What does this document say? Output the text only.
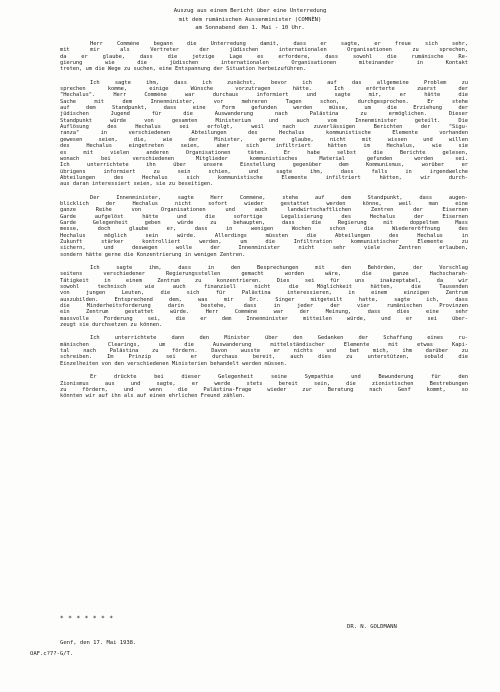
Auszug aus einem Bericht über eine Unterredung
mit dem rumänischen Aussenminister (COMNÈN)
am Sonnabend den 1. Mai - 10 Uhr.
Herr Commène begann die Unterredung damit, dass er sagte, er freue sich sehr,
mit mir als Vertreter der jüdischen internationalen Organisationen zu sprechen,
da er glaube, dass die jetzige Lage es erfordere, dass sowohl die rumänische Re-
gierung wie die jüdischen internationalen Organisationen miteinander in Kontakt
treten, um die Wege zu suchen, eine Entspannung der Situation herbeizuführen.
Ich sagte ihm, dass ich zunächst, bevor ich auf das allgemeine Problem zu
sprechen komme, einige Wünsche vorzutragen hätte. Ich erörterte zuerst der
"Hechalus". Herr Commène war durchaus informiert und sagte mir, er hätte die
Sache mit dem Innenminister, vor mehreren Tagen schon, durchgesprochen. Er stehe
auf dem Standpunkt, dass eine Form gefunden werden müsse, um die Erziehung der
jüdischen Jugend für die Auswanderung nach Palästina zu ermöglichen. Dieser
Standpunkt würde von gesamten Ministerium und auch vom Innenminister geteilt. Die
Auflösung des Hechalus sei erfolgt, weil nach zuverlässigen Berichten der "Sigu-
ranza" in verschiedenen Abteilungen des Hechalus kommunistische Elemente vorhanden
gewesen seien, die, wie der Minister, gerne glaube, nicht mit wissen und willen
des Hechalus eingetreten seien, aber sich infiltriert hätten im Hechalus, wie sie
es mit vielen anderen Organisationen täten. Er habe selbst die Berichte gelesen,
wonach bei verschiedenen Mitglieder kommunistisches Material gefunden worden sei.
Ich unterrichtete ihn über unsere Einstellung gegenüber dem Kommunismus, worüber er
übrigens informiert zu sein schien, und sagte ihm, dass falls in irgendwelche
Abteilungen des Hechalus sich kommunistische Elemente infiltriert hätten, wir durch-
aus daran interessiert seien, sie zu beseitigen.
Der Innenminister, sagte Herr Commène, stehe auf dem Standpunkt, dass augen-
blicklich der Hechalus nicht sofort wieder gestattet werden könne, weil man eine
ganze Reihe von Organisationen und auch landwirtschaftlichen Zentren der Eisernen
Garde aufgelöst hätte und die sofortige Legalisierung des Hechalus der Eisernen
Garde Gelegenheit geben würde zu behaupten, dass die Regierung mit doppeltem Mass
messe, doch glaube er, dass in wenigen Wochen schon die Wiedereröffnung des
Hechalus möglich sein würde. Allerdings müssten die Abteilungen des Hechalus in
Zukunft stärker kontrolliert werden, um die Infiltration kommunistischer Elemente zu
sichern, und deswegen wolle der Innenminister nicht sehr viele Zentren erlauben,
sondern hätte gerne die Konzentrierung in wenigen Zentren.
Ich sagte ihm, dass in den Besprechungen mit den Behörden, der Vorschlag
seitens verschiedener Regierungsstellen gemacht worden wäre, die ganze Hachscharah-
Tätigkeit in einem Zentrum zu konzentrieren. Dies sei für uns inakzeptabel, da wir
sowohl technisch wie auch finanziell nicht die Möglichkeit hätten, die Tausenden
von jungen Leuten, die sich für Palästina interessieren, in einem einzigen Zentrum
auszubilden. Entsprechend dem, was mir Dr. Singer mitgeteilt hatte, sagte ich, dass
die Minderheitsforderung darin bestehe, dass in jeder der vier rumänischen Provinzen
ein Zentrum gestattet würde. Herr Commène war der Meinung, dass dies eine sehr
massvolle Forderung sei, die er dem Innenminister mitteilen würde, und er sei über-
zeugt sie durchsetzen zu können.
Ich unterrichtete dann den Minister über den Gedanken der Schaffung eines ru-
mänischen Clearings, um die Auswanderung mittelständischer Elemente mit etwas Kapi-
tal nach Palästina zu fördern. Davon wusste er nichts und bat mich, ihm darüber zu
schreiben. Im Prinzip sei er durchaus bereit, auch dies zu unterstützen, sobald die
Einzelheiten von den verschiedenen Ministerien behandelt werden müssen.
Er drückte bei dieser Gelegenheit seine Sympathie und Bewunderung für den
Zionismus aus und sagte, er werde stets bereit sein, die zionistischen Bestrebungen
zu fördern, und wenn die Palästina-Frage wieder zur Beratung nach Genf kommt, so
könnten wir auf ihn als auf einen ehrlichen Freund zählen.
* * * * * * *
DR. N. GOLDMANN
Genf, den 17. Mai 1938.
OAF.c?7?-G/T.
